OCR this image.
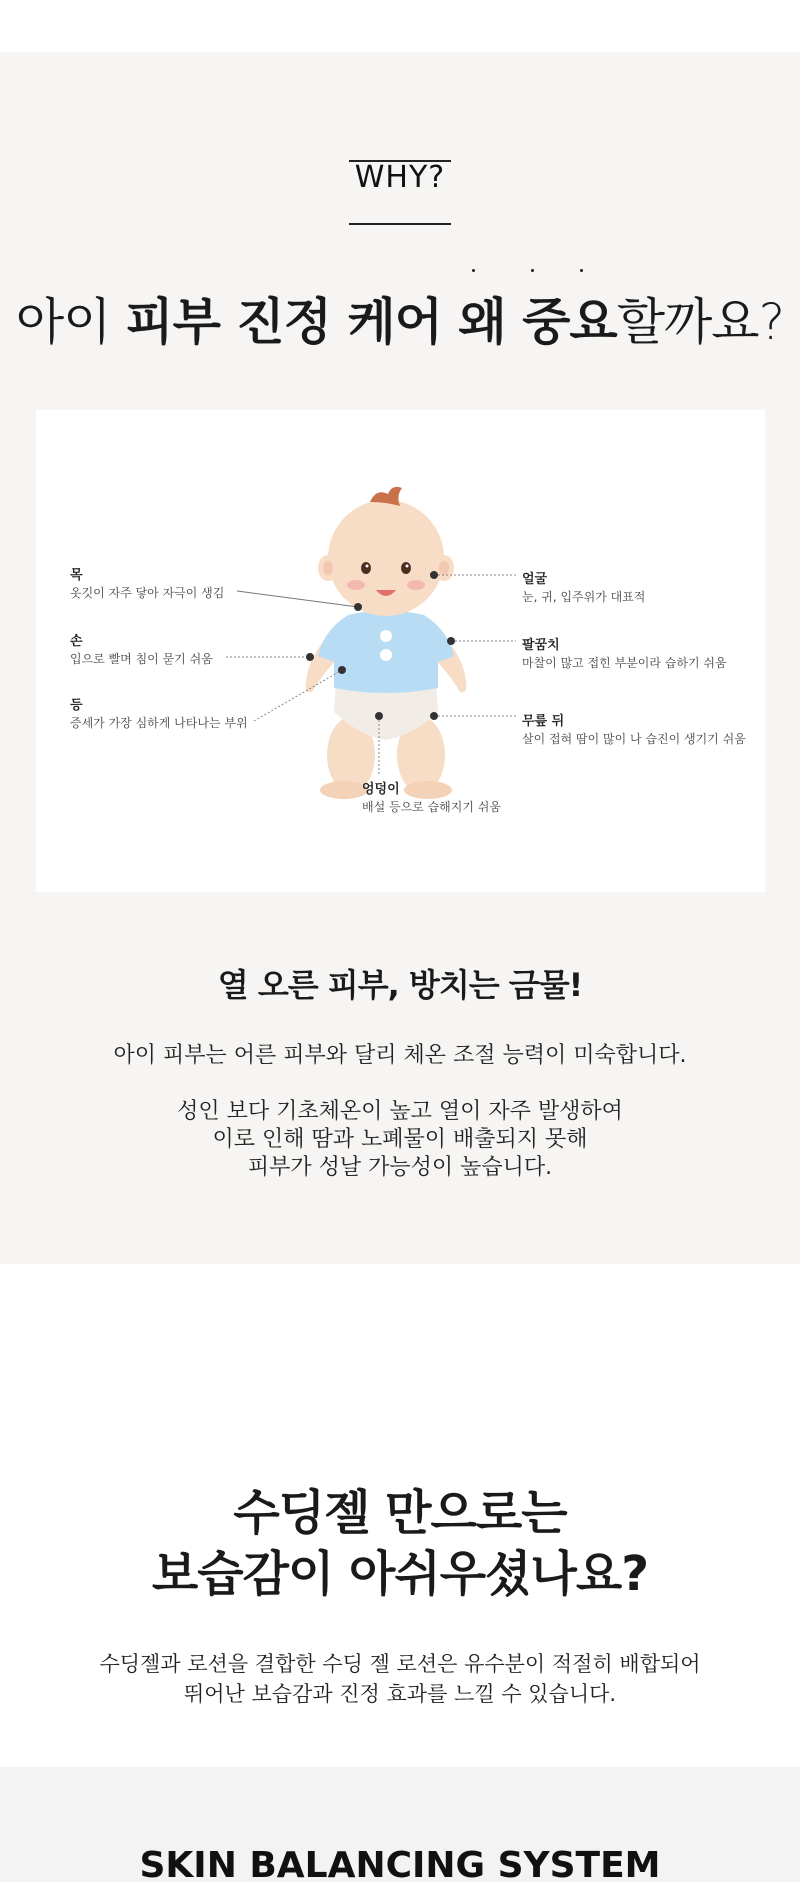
WHY?
아이 피부 진정 케어 왜 중요할까요?
목
옷깃이 자주 닿아 자극이 생김
손
입으로 빨며 침이 묻기 쉬움
등
증세가 가장 심하게 나타나는 부위
얼굴
눈, 귀, 입주위가 대표적
팔꿈치
마찰이 많고 접힌 부분이라 습하기 쉬움
무릎 뒤
살이 접혀 땀이 많이 나 습진이 생기기 쉬움
엉덩이
배설 등으로 습해지기 쉬움
열 오른 피부, 방치는 금물!
아이 피부는 어른 피부와 달리 체온 조절 능력이 미숙합니다.
성인 보다 기초체온이 높고 열이 자주 발생하여
이로 인해 땀과 노폐물이 배출되지 못해
피부가 성날 가능성이 높습니다.
수딩젤 만으로는
보습감이 아쉬우셨나요?
수딩젤과 로션을 결합한 수딩 젤 로션은 유수분이 적절히 배합되어
뛰어난 보습감과 진정 효과를 느낄 수 있습니다.
SKIN BALANCING SYSTEM
